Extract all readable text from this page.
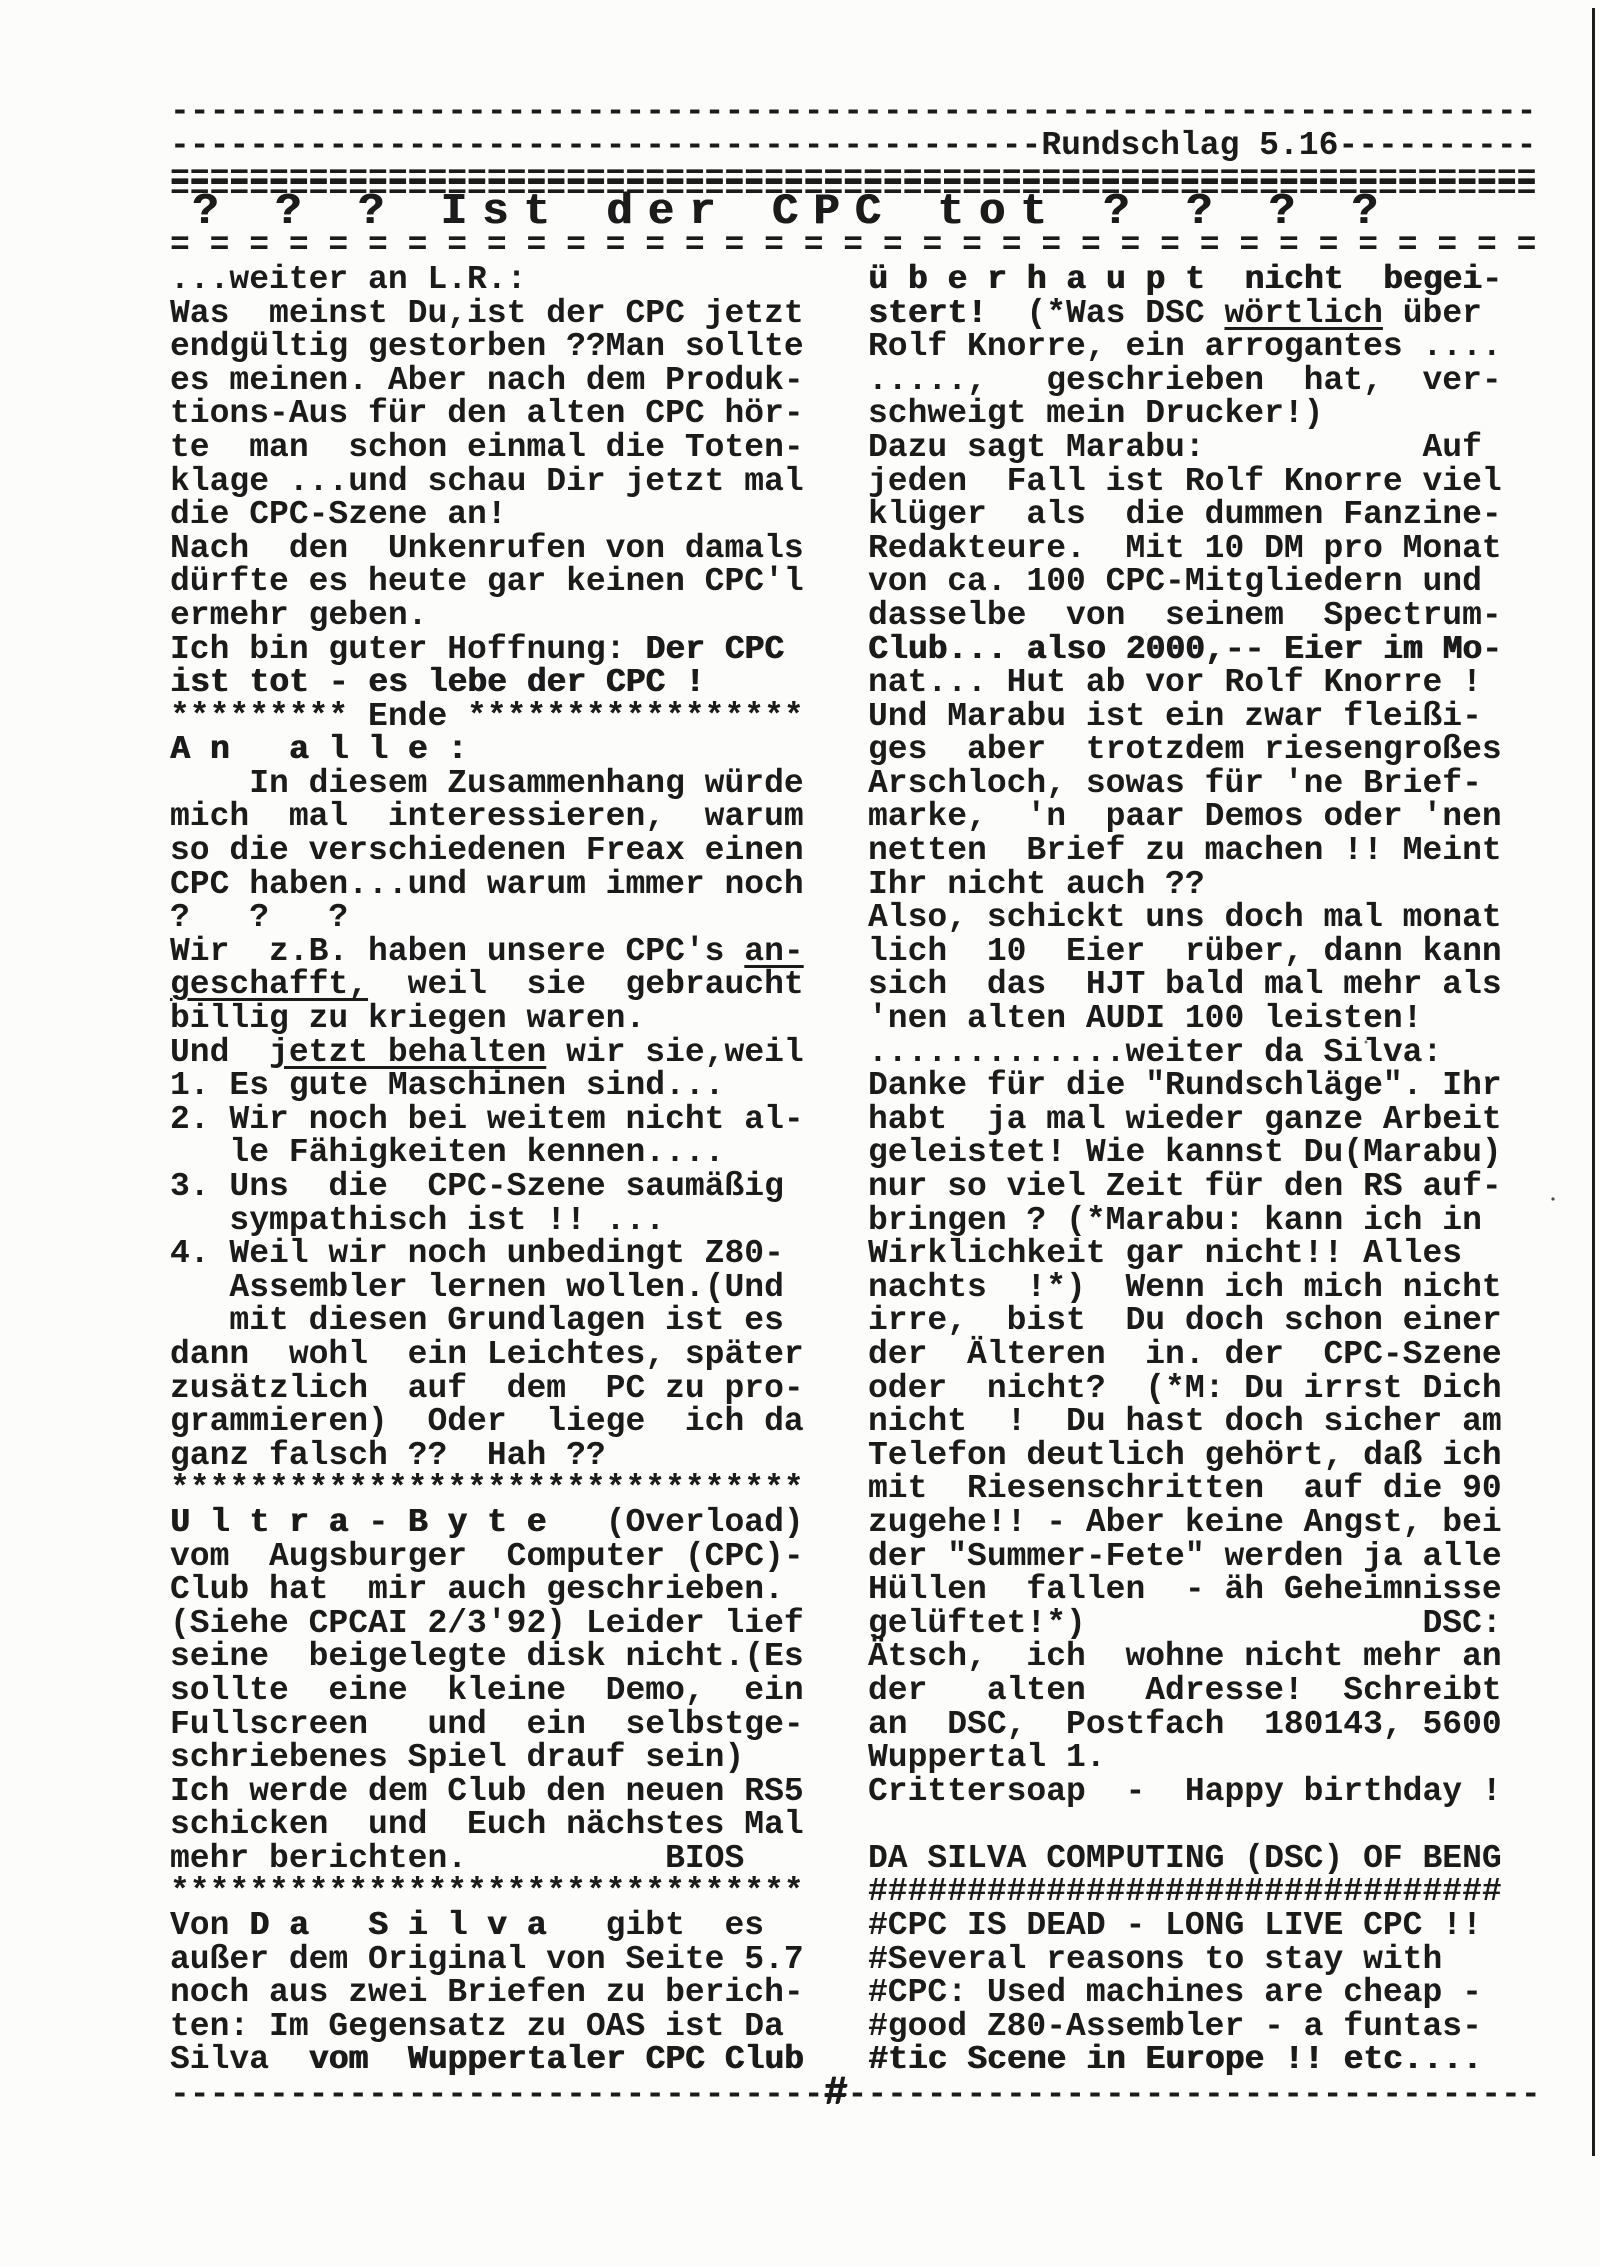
---------------------------------------------------------------------
--------------------------------------------Rundschlag 5.16----------
=====================================================================
? ? ? Ist der CPC tot ? ? ? ?
= = = = = = = = = = = = = = = = = = = = = = = = = = = = = = = = = = =
...weiter an L.R.:
Was  meinst Du,ist der CPC jetzt
endgültig gestorben ??Man sollte
es meinen. Aber nach dem Produk-
tions-Aus für den alten CPC hör-
te  man  schon einmal die Toten-
klage ...und schau Dir jetzt mal
die CPC-Szene an!
Nach  den  Unkenrufen von damals
dürfte es heute gar keinen CPC'l
ermehr geben.
Ich bin guter Hoffnung: Der CPC
ist tot - es lebe der CPC !
********* Ende *****************
An alle:
In diesem Zusammenhang würde
mich  mal  interessieren,  warum
so die verschiedenen Freax einen
CPC haben...und warum immer noch
? ? ?
Wir  z.B. haben unsere CPC's an-
geschafft,  weil  sie  gebraucht
billig zu kriegen waren.
Und  jetzt behalten wir sie,weil
1. Es gute Maschinen sind...
2. Wir noch bei weitem nicht al-
le Fähigkeiten kennen....
3. Uns  die  CPC-Szene saumäßig
sympathisch ist !! ...
4. Weil wir noch unbedingt Z80-
Assembler lernen wollen.(Und
mit diesen Grundlagen ist es
dann  wohl  ein Leichtes, später
zusätzlich  auf  dem  PC zu pro-
grammieren)  Oder  liege  ich da
ganz falsch ??  Hah ??
********************************
Ultra-Byte  (Overload)
vom  Augsburger  Computer (CPC)-
Club hat  mir auch geschrieben.
(Siehe CPCAI 2/3'92) Leider lief
seine  beigelegte disk nicht.(Es
sollte  eine  kleine  Demo,  ein
Fullscreen   und  ein  selbstge-
schriebenes Spiel drauf sein)
Ich werde dem Club den neuen RS5
schicken  und  Euch nächstes Mal
mehr berichten.          BIOS
********************************
Von Da Silva  gibt  es
außer dem Original von Seite 5.7
noch aus zwei Briefen zu berich-
ten: Im Gegensatz zu OAS ist Da
Silva  vom  Wuppertaler CPC Club
überhaupt nicht  begei-
stert!  (*Was DSC wörtlich über
Rolf Knorre, ein arrogantes ....
.....,   geschrieben  hat,  ver-
schweigt mein Drucker!)
Dazu sagt Marabu:           Auf
jeden  Fall ist Rolf Knorre viel
klüger  als  die dummen Fanzine-
Redakteure.  Mit 10 DM pro Monat
von ca. 100 CPC-Mitgliedern und
dasselbe  von  seinem  Spectrum-
Club... also 2000,-- Eier im Mo-
nat... Hut ab vor Rolf Knorre !
Und Marabu ist ein zwar fleißi-
ges  aber  trotzdem riesengroßes
Arschloch, sowas für 'ne Brief-
marke,  'n  paar Demos oder 'nen
netten  Brief zu machen !! Meint
Ihr nicht auch ??
Also, schickt uns doch mal monat
lich  10  Eier  rüber, dann kann
sich  das  HJT bald mal mehr als
'nen alten AUDI 100 leisten!
.............weiter da Silva:
Danke für die "Rundschläge". Ihr
habt  ja mal wieder ganze Arbeit
geleistet! Wie kannst Du(Marabu)
nur so viel Zeit für den RS auf-
bringen ? (*Marabu: kann ich in
Wirklichkeit gar nicht!! Alles
nachts  !*)  Wenn ich mich nicht
irre,  bist  Du doch schon einer
der  Älteren  in. der  CPC-Szene
oder  nicht?  (*M: Du irrst Dich
nicht  !  Du hast doch sicher am
Telefon deutlich gehört, daß ich
mit  Riesenschritten  auf die 90
zugehe!! - Aber keine Angst, bei
der "Summer-Fete" werden ja alle
Hüllen  fallen  - äh Geheimnisse
gelüftet!*)                 DSC:
Ätsch,  ich  wohne nicht mehr an
der   alten   Adresse!  Schreibt
an  DSC,  Postfach  180143, 5600
Wuppertal 1.
Crittersoap  -  Happy birthday !
DA SILVA COMPUTING (DSC) OF BENG
################################
#CPC IS DEAD - LONG LIVE CPC !!
#Several reasons to stay with
#CPC: Used machines are cheap -
#good Z80-Assembler - a funtas-
#tic Scene in Europe !! etc....
---------------------------------#-----------------------------------
